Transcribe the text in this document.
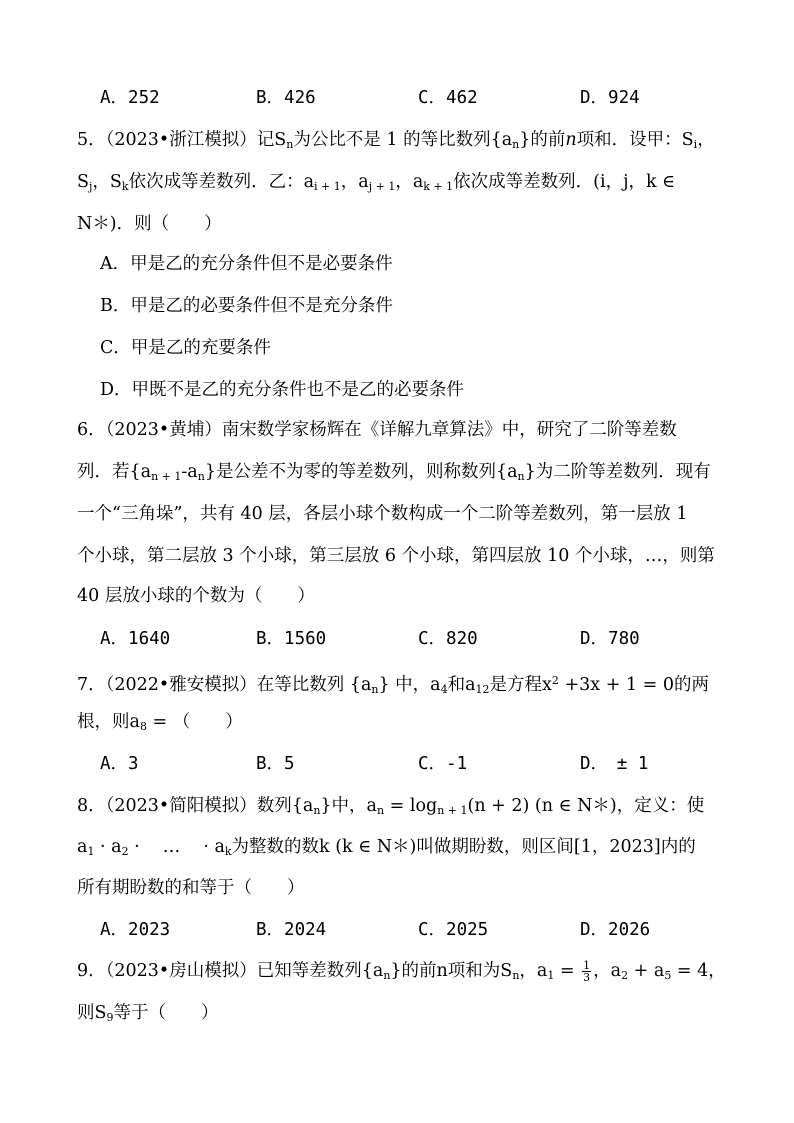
A．252	B．426	C．462	D．924
5．（2023•浙江模拟）记$S_n$为公比不是 1 的等比数列$\{a_n\}$的前n项和．设甲：$S_i$，
$S_j$，$S_k$依次成等差数列．乙：$a_{i + 1}$，$a_{j + 1}$，$a_{k + 1}$依次成等差数列．(i，j，k ∈
N＊)．则（　　）
A．甲是乙的充分条件但不是必要条件
B．甲是乙的必要条件但不是充分条件
C．甲是乙的充要条件
D．甲既不是乙的充分条件也不是乙的必要条件
6．（2023•黄埔）南宋数学家杨辉在《详解九章算法》中，研究了二阶等差数
列．若$\{a_{n + 1}-a_n\}$是公差不为零的等差数列，则称数列$\{a_n\}$为二阶等差数列．现有
一个“三角垛”，共有 40 层，各层小球个数构成一个二阶等差数列，第一层放 1
个小球，第二层放 3 个小球，第三层放 6 个小球，第四层放 10 个小球，…，则第
40 层放小球的个数为（　　）
A．1640	B．1560	C．820	D．780
7．（2022•雅安模拟）在等比数列 $\{a_n\}$ 中，$a_4$和$a_{12}$是方程$x^2 +3x + 1 = 0$的两
根，则$a_8$ = （　　）
A．3	B．5	C．-1	D．　± 1
8．（2023•简阳模拟）数列$\{a_n\}$中，$a_n = \log_{n + 1}(n + 2)$ (n ∈ N＊)，定义：使
$a_1 \cdot a_2$ ·　 …　 · $a_k$为整数的数k (k ∈ N＊)叫做期盼数，则区间[1，2023]内的
所有期盼数的和等于（　　）
A．2023	B．2024	C．2025	D．2026
9．（2023•房山模拟）已知等差数列$\{a_n\}$的前n项和为$S_n$，$a_1 = \frac{1}{3}$ ，$a_2 + a_5 = 4$，
则$S_9$等于（　　）
